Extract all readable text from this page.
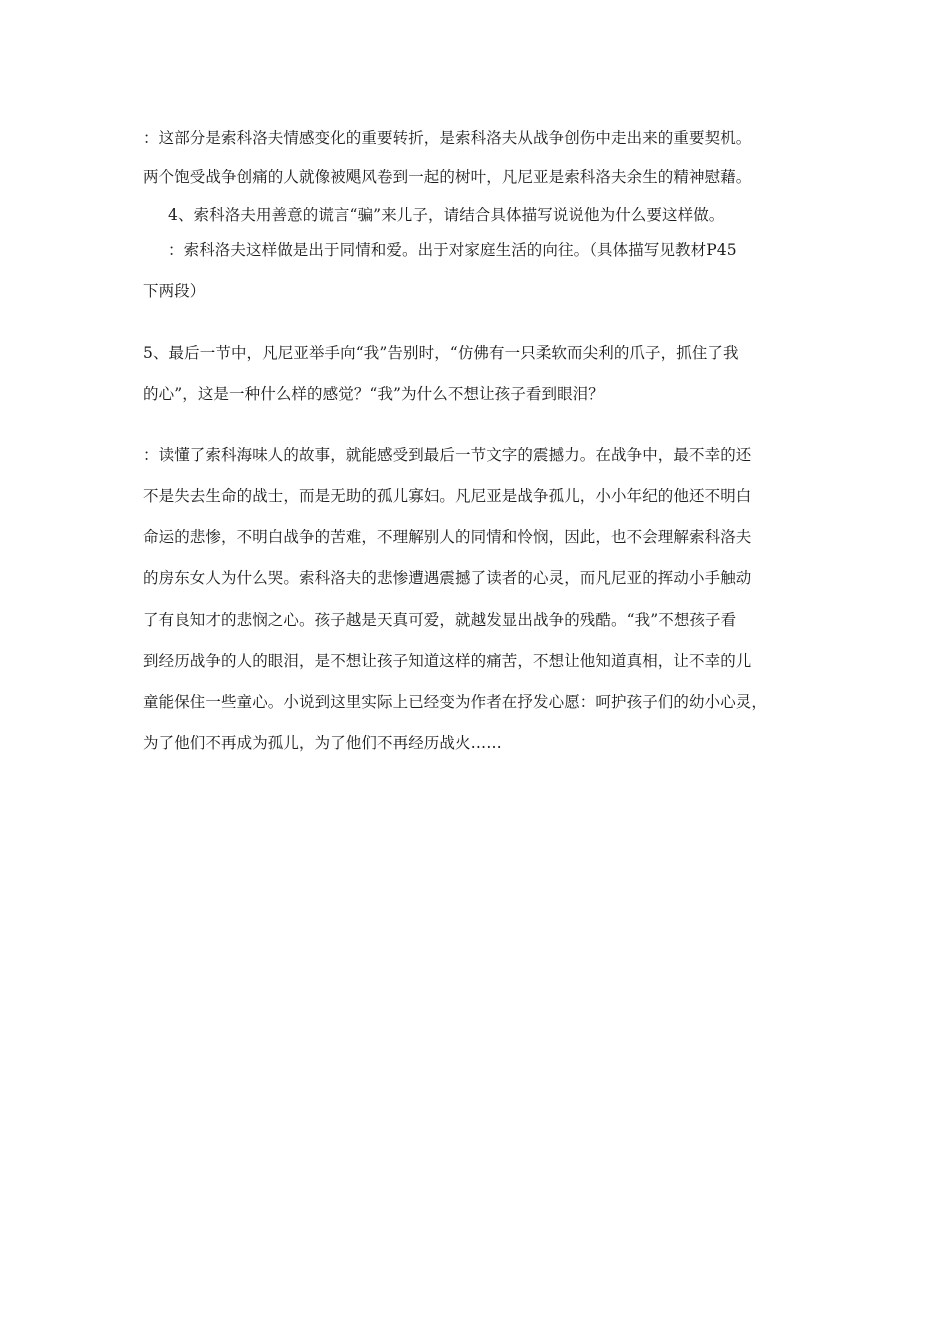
：这部分是索科洛夫情感变化的重要转折，是索科洛夫从战争创伤中走出来的重要契机。
两个饱受战争创痛的人就像被飓风卷到一起的树叶，凡尼亚是索科洛夫余生的精神慰藉。
4、索科洛夫用善意的谎言“骗”来儿子，请结合具体描写说说他为什么要这样做。
：索科洛夫这样做是出于同情和爱。出于对家庭生活的向往。（具体描写见教材P45
下两段）
5、最后一节中，凡尼亚举手向“我”告别时，“仿佛有一只柔软而尖利的爪子，抓住了我
的心”，这是一种什么样的感觉？“我”为什么不想让孩子看到眼泪？
：读懂了索科海味人的故事，就能感受到最后一节文字的震撼力。在战争中，最不幸的还
不是失去生命的战士，而是无助的孤儿寡妇。凡尼亚是战争孤儿，小小年纪的他还不明白
命运的悲惨，不明白战争的苦难，不理解别人的同情和怜悯，因此，也不会理解索科洛夫
的房东女人为什么哭。索科洛夫的悲惨遭遇震撼了读者的心灵，而凡尼亚的挥动小手触动
了有良知才的悲悯之心。孩子越是天真可爱，就越发显出战争的残酷。“我”不想孩子看
到经历战争的人的眼泪，是不想让孩子知道这样的痛苦，不想让他知道真相，让不幸的儿
童能保住一些童心。小说到这里实际上已经变为作者在抒发心愿：呵护孩子们的幼小心灵，
为了他们不再成为孤儿，为了他们不再经历战火……
